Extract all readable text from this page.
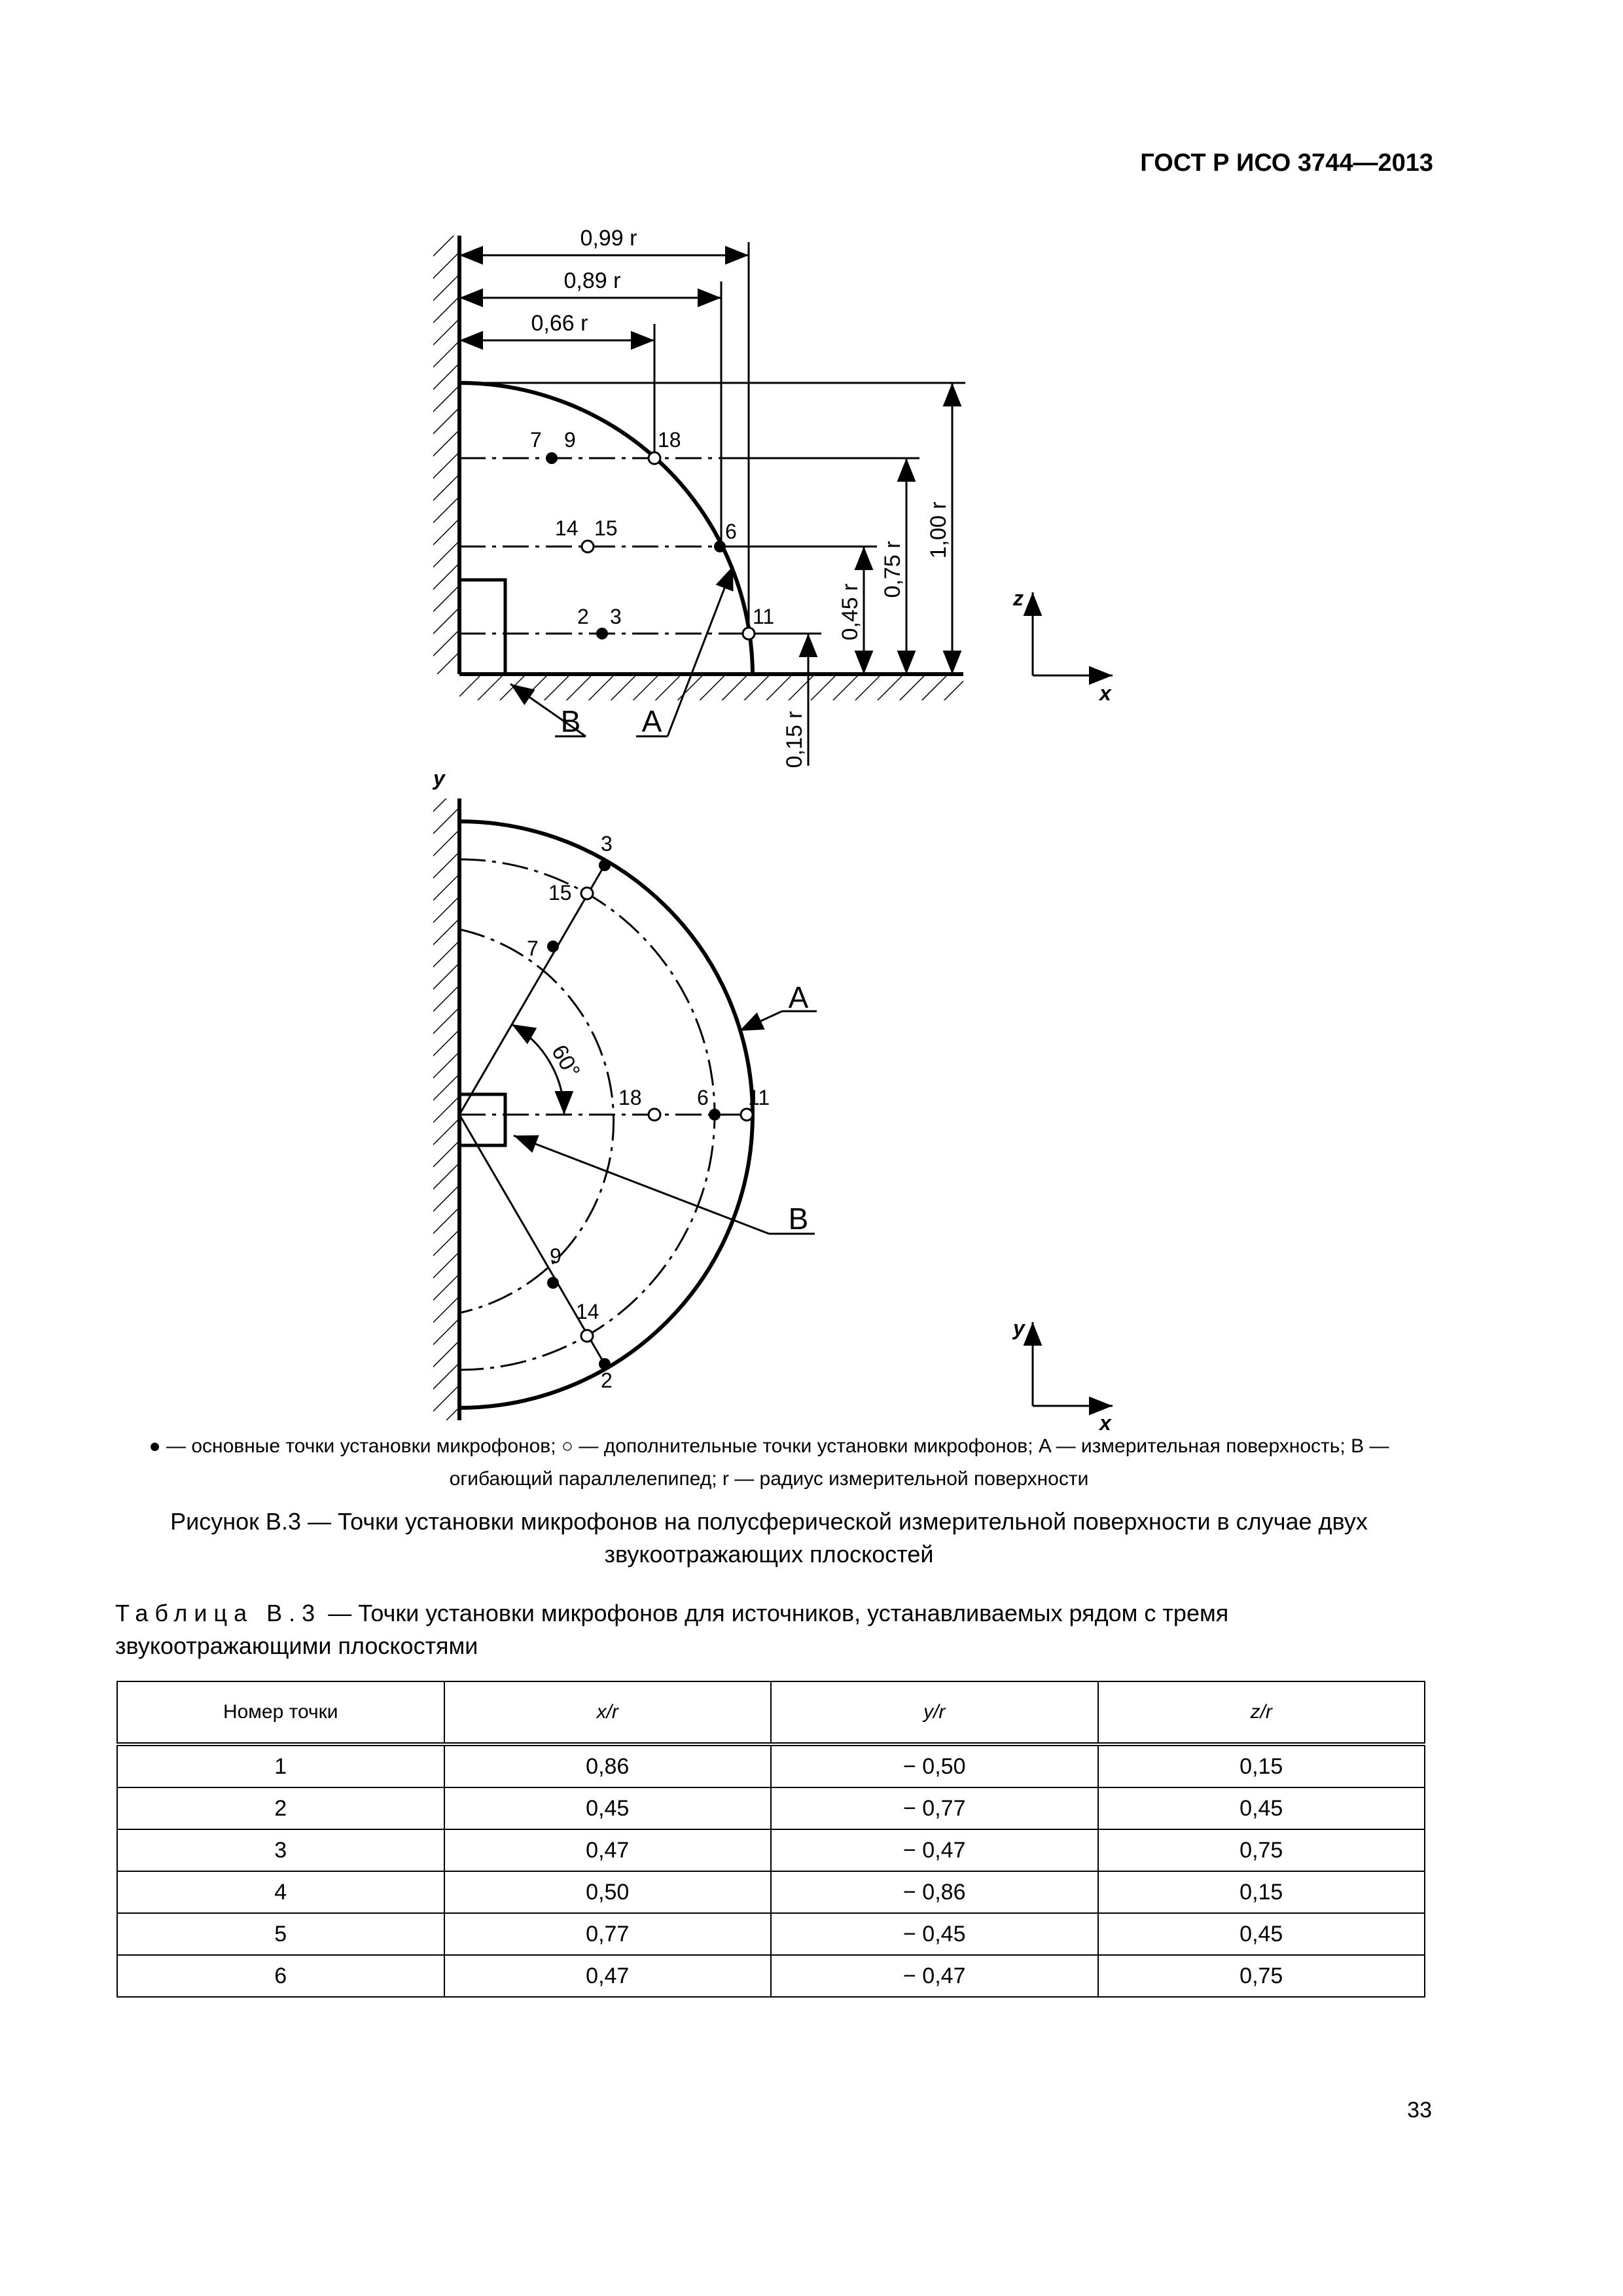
ГОСТ Р ИСО 3744—2013
0,99 r
0,89 r
0,66 r
1,00 r
0,75 r
0,45 r
0,15 r
7 9	18
14 15	6
2 3	11
B A
z
x
y
60°
3
15
7
18	6 11
9
14
2
A
B
y
x
● — основные точки установки микрофонов; ○ — дополнительные точки установки микрофонов; A — измерительная поверхность; B — огибающий параллелепипед; r — радиус измерительной поверхности
Рисунок B.3 — Точки установки микрофонов на полусферической измерительной поверхности в случае двух звукоотражающих плоскостей
Таблица B.3 — Точки установки микрофонов для источников, устанавливаемых рядом с тремя звукоотражающими плоскостями
Номер точки	x/r	y/r	z/r
1	0,86	− 0,50	0,15
2	0,45	− 0,77	0,45
3	0,47	− 0,47	0,75
4	0,50	− 0,86	0,15
5	0,77	− 0,45	0,45
6	0,47	− 0,47	0,75
33
